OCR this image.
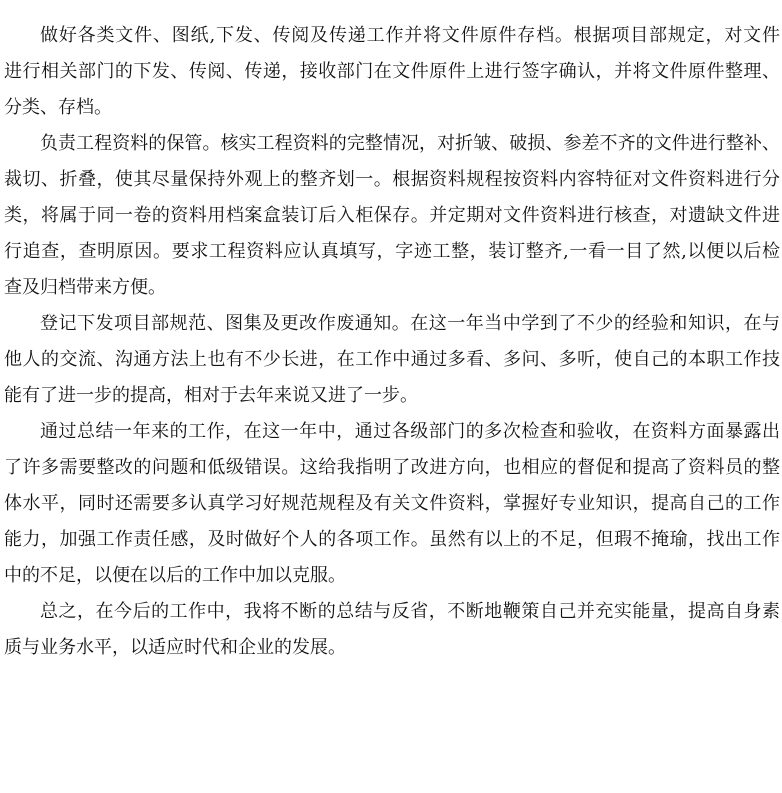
做好各类文件、图纸,下发、传阅及传递工作并将文件原件存档。根据项目部规定，对文件
进行相关部门的下发、传阅、传递，接收部门在文件原件上进行签字确认，并将文件原件整理、
分类、存档。
负责工程资料的保管。核实工程资料的完整情况，对折皱、破损、参差不齐的文件进行整补、
裁切、折叠，使其尽量保持外观上的整齐划一。根据资料规程按资料内容特征对文件资料进行分
类，将属于同一卷的资料用档案盒装订后入柜保存。并定期对文件资料进行核查，对遗缺文件进
行追查，查明原因。要求工程资料应认真填写，字迹工整，装订整齐,一看一目了然,以便以后检
查及归档带来方便。
登记下发项目部规范、图集及更改作废通知。在这一年当中学到了不少的经验和知识，在与
他人的交流、沟通方法上也有不少长进，在工作中通过多看、多问、多听，使自己的本职工作技
能有了进一步的提高，相对于去年来说又进了一步。
通过总结一年来的工作，在这一年中，通过各级部门的多次检查和验收，在资料方面暴露出
了许多需要整改的问题和低级错误。这给我指明了改进方向，也相应的督促和提高了资料员的整
体水平，同时还需要多认真学习好规范规程及有关文件资料，掌握好专业知识，提高自己的工作
能力，加强工作责任感，及时做好个人的各项工作。虽然有以上的不足，但瑕不掩瑜，找出工作
中的不足，以便在以后的工作中加以克服。
总之，在今后的工作中，我将不断的总结与反省，不断地鞭策自己并充实能量，提高自身素
质与业务水平，以适应时代和企业的发展。
